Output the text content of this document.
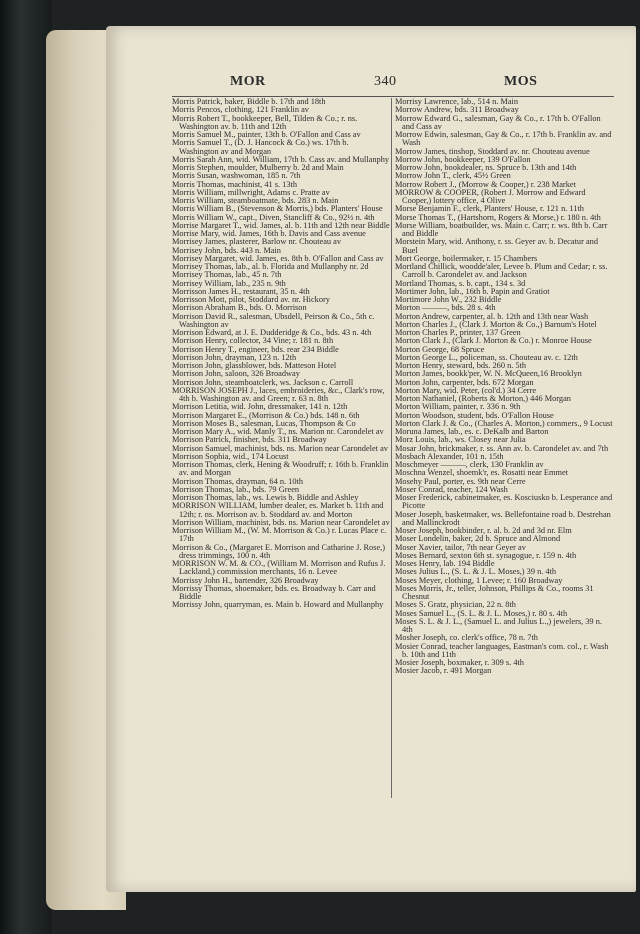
MOR	340	MOS
Morris Patrick, baker, Biddle b. 17th and 18th
Morris Pencos, clothing, 121 Franklin av
Morris Robert T., bookkeeper, Bell, Tilden & Co.; r. ns. Washington av. b. 11th and 12th
Morris Samuel M., painter, 13th b. O'Fallon and Cass av
Morris Samuel T., (D. J. Hancock & Co.) ws. 17th b. Washington av and Morgan
Morris Sarah Ann, wid. William, 17th b. Cass av. and Mullanphy
Morris Stephen, moulder, Mulberry b. 2d and Main
Morris Susan, washwoman, 185 n. 7th
Morris Thomas, machinist, 41 s. 13th
Morris William, millwright, Adams c. Pratte av
Morris William, steamboatmate, bds. 283 n. Main
Morris William B., (Stevenson & Morris,) bds. Planters' House
Morris William W., capt., Diven, Stancliff & Co., 92½ n. 4th
Morrise Margaret T., wid. James, al. b. 11th and 12th near Biddle
Morrise Mary, wid. James, 16th b. Davis and Cass avenue
Morrisey James, plasterer, Barlow nr. Chouteau av
Morrisey John, bds. 443 n. Main
Morrisey Margaret, wid. James, es. 8th b. O'Fallon and Cass av
Morrisey Thomas, lab., al. b. Florida and Mullanphy nr. 2d
Morrisey Thomas, lab., 45 n. 7th
Morrisey William, lab., 235 n. 9th
Morrisson James H., restaurant, 35 n. 4th
Morrisson Mott, pilot, Stoddard av. nr. Hickory
Morrison Abraham B., bds. O. Morrison
Morrison David R., salesman, Ubsdell, Peirson & Co., 5th c. Washington av
Morrison Edward, at J. E. Dudderidge & Co., bds. 43 n. 4th
Morrison Henry, collector, 34 Vine; r. 181 n. 8th
Morrison Henry T., engineer, bds. rear 234 Biddle
Morrison John, drayman, 123 n. 12th
Morrison John, glassblower, bds. Matteson Hotel
Morrison John, saloon, 326 Broadway
Morrison John, steamboatclerk, ws. Jackson c. Carroll
MORRISON JOSEPH J., laces, embroideries, &c., Clark's row, 4th b. Washington av. and Green; r. 63 n. 8th
Morrison Letitia, wid. John, dressmaker, 141 n. 12th
Morrison Margaret E., (Morrison & Co.) bds. 148 n. 6th
Morrison Moses B., salesman, Lucas, Thompson & Co
Morrison Mary A., wid. Manly T., ns. Marion nr. Carondelet av
Morrison Patrick, finisher, bds. 311 Broadway
Morrison Samuel, machinist, bds. ns. Marion near Carondelet av
Morrison Sophia, wid., 174 Locust
Morrison Thomas, clerk, Hening & Woodruff; r. 16th b. Franklin av. and Morgan
Morrison Thomas, drayman, 64 n. 10th
Morrison Thomas, lab., bds. 79 Green
Morrison Thomas, lab., ws. Lewis b. Biddle and Ashley
MORRISON WILLIAM, lumber dealer, es. Market b. 11th and 12th; r. ns. Morrison av. b. Stoddard av. and Morton
Morrison William, machinist, bds. ns. Marion near Carondelet av
Morrison William M., (W. M. Morrison & Co.) r. Lucas Place c. 17th
Morrison & Co., (Margaret E. Morrison and Catharine J. Rose,) dress trimmings, 100 n. 4th
MORRISON W. M. & CO., (William M. Morrison and Rufus J. Lackland,) commission merchants, 16 n. Levee
Morrissy John H., bartender, 326 Broadway
Morrissy Thomas, shoemaker, bds. es. Broadway b. Carr and Biddle
Morrissy John, quarryman, es. Main b. Howard and Mullanphy
Morrisy Lawrence, lab., 514 n. Main
Morrow Andrew, bds. 311 Broadway
Morrow Edward G., salesman, Gay & Co., r. 17th b. O'Fallon and Cass av
Morrow Edwin, salesman, Gay & Co., r. 17th b. Franklin av. and Wash
Morrow James, tinshop, Stoddard av. nr. Chouteau avenue
Morrow John, bookkeeper, 139 O'Fallon
Morrow John, bookdealer, ns. Spruce b. 13th and 14th
Morrow John T., clerk, 45½ Green
Morrow Robert J., (Morrow & Cooper,) r. 238 Market
MORROW & COOPER, (Robert J. Morrow and Edward Cooper,) lottery office, 4 Olive
Morse Benjamin F., clerk, Planters' House, r. 121 n. 11th
Morse Thomas T., (Hartshorn, Rogers & Morse,) r. 180 n. 4th
Morse William, boatbuilder, ws. Main c. Carr; r. ws. 8th b. Carr and Biddle
Morstein Mary, wid. Anthony, r. ss. Geyer av. b. Decatur and Buel
Mort George, boilermaker, r. 15 Chambers
Mortland Chillick, woodde'aler, Levee b. Plum and Cedar; r. ss. Carroll b. Carondelet av. and Jackson
Mortland Thomas, s. b. capt., 134 s. 3d
Mortimer John, lab., 16th b. Papin and Gratiot
Mortimore John W., 232 Biddle
Morton ———, bds. 28 s. 4th
Morton Andrew, carpenter, al. b. 12th and 13th near Wash
Morton Charles J., (Clark J. Morton & Co.,) Barnum's Hotel
Morton Charles P., printer, 137 Green
Morton Clark J., (Clark J. Morton & Co.) r. Monroe House
Morton George, 68 Spruce
Morton George L., policeman, ss. Chouteau av. c. 12th
Morton Henry, steward, bds. 260 n. 5th
Morton James, bookk'per, W. N. McQueen,16 Brooklyn
Morton John, carpenter, bds. 672 Morgan
Morton Mary, wid. Peter, (col'd.) 34 Cerre
Morton Nathaniel, (Roberts & Morton,) 446 Morgan
Morton William, painter, r. 336 n. 9th
Morton Woodson, student, bds. O'Fallon House
Morton Clark J. & Co., (Charles A. Morton,) commers., 9 Locust
Moruna James, lab., es. c. DeKalb and Barton
Morz Louis, lab., ws. Closey near Julia
Mosar John, brickmaker, r. ss. Ann av. b. Carondelet av. and 7th
Mosbach Alexander, 101 n. 15th
Moschmeyer ———, clerk, 130 Franklin av
Moschna Wenzel, shoemk'r, es. Rosatti near Emmet
Mosehy Paul, porter, es. 9th near Cerre
Moser Conrad, teacher, 124 Wash
Moser Frederick, cabinetmaker, es. Kosciusko b. Lesperance and Picotte
Moser Joseph, basketmaker, ws. Bellefontaine road b. Destrehan and Mallinckrodt
Moser Joseph, bookbinder, r. al. b. 2d and 3d nr. Elm
Moser Londelin, baker, 2d b. Spruce and Almond
Moser Xavier, tailor, 7th near Geyer av
Moses Bernard, sexton 6th st. synagogue, r. 159 n. 4th
Moses Henry, lab. 194 Biddle
Moses Julius L., (S. L. & J. L. Moses,) 39 n. 4th
Moses Meyer, clothing, 1 Levee; r. 160 Broadway
Moses Morris, Jr., teller, Johnson, Phillips & Co., rooms 31 Chesnut
Moses S. Gratz, physician, 22 n. 8th
Moses Samuel L., (S. L. & J. L. Moses,) r. 80 s. 4th
Moses S. L. & J. L., (Samuel L. and Julius L.,) jewelers, 39 n. 4th
Mosher Joseph, co. clerk's office, 78 n. 7th
Mosier Conrad, teacher languages, Eastman's com. col., r. Wash b. 10th and 11th
Mosier Joseph, boxmaker, r. 309 s. 4th
Mosier Jacob, r. 491 Morgan
